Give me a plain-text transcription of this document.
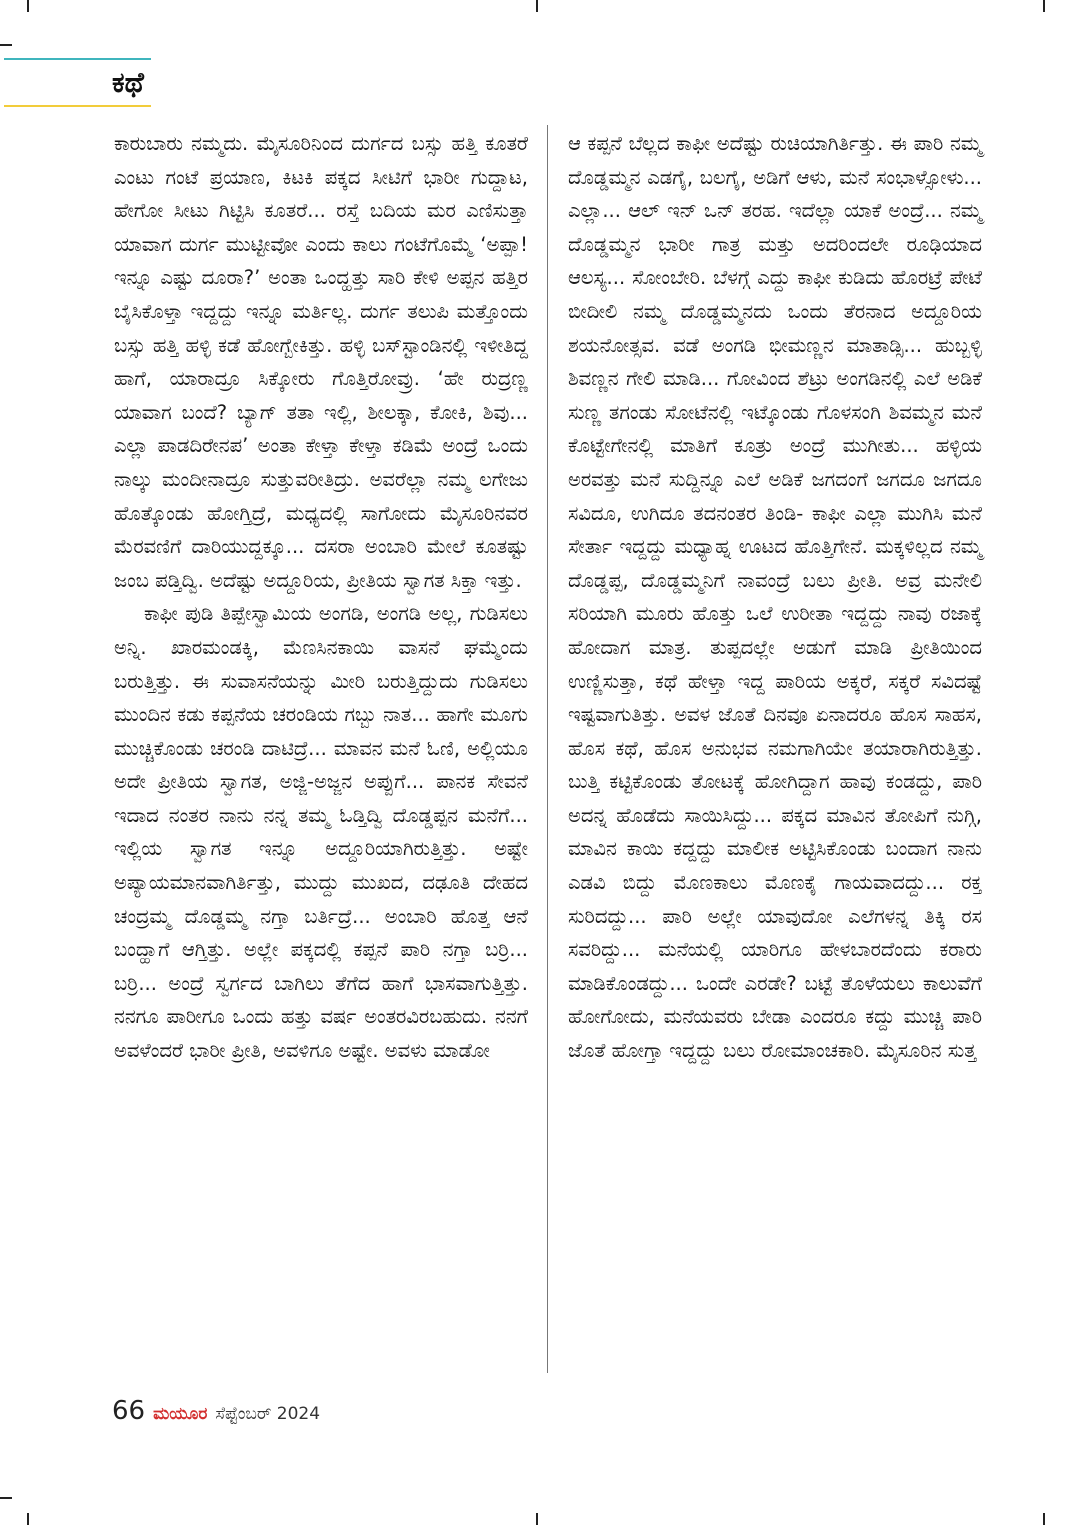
ಕಥೆ

ಕಾರುಬಾರು ನಮ್ಮದು. ಮೈಸೂರಿನಿಂದ ದುರ್ಗದ ಬಸ್ಸು ಹತ್ತಿ ಕೂತರೆ ಎಂಟು ಗಂಟೆ ಪ್ರಯಾಣ, ಕಿಟಕಿ ಪಕ್ಕದ ಸೀಟಿಗೆ ಭಾರೀ ಗುದ್ದಾಟ, ಹೇಗೋ ಸೀಟು ಗಿಟ್ಟಿಸಿ ಕೂತರೆ... ರಸ್ತೆ ಬದಿಯ ಮರ ಎಣಿಸುತ್ತಾ ಯಾವಾಗ ದುರ್ಗ ಮುಟ್ಟೀವೋ ಎಂದು ಕಾಲು ಗಂಟೆಗೊಮ್ಮೆ ‘ಅಪ್ಪಾ! ಇನ್ನೂ ಎಷ್ಟು ದೂರಾ?’ ಅಂತಾ ಒಂದ್ಹತ್ತು ಸಾರಿ ಕೇಳಿ ಅಪ್ಪನ ಹತ್ತಿರ ಬೈಸಿಕೊಳ್ತಾ ಇದ್ದದ್ದು ಇನ್ನೂ ಮರ್ತಿಲ್ಲ. ದುರ್ಗ ತಲುಪಿ ಮತ್ತೊಂದು ಬಸ್ಸು ಹತ್ತಿ ಹಳ್ಳಿ ಕಡೆ ಹೋಗ್ಬೇಕಿತ್ತು. ಹಳ್ಳಿ ಬಸ್‌ಸ್ಟಾಂಡಿನಲ್ಲಿ ಇಳೀತಿದ್ದ ಹಾಗೆ, ಯಾರಾದ್ರೂ ಸಿಕ್ಕೋರು ಗೊತ್ತಿರೋವ್ರು. ‘ಹೇ ರುದ್ರಣ್ಣ ಯಾವಾಗ ಬಂದೆ? ಬ್ಯಾಗ್ ತತಾ ಇಲ್ಲಿ, ಶೀಲಕ್ಕಾ, ಕೋಕಿ, ಶಿವು... ಎಲ್ಲಾ ಪಾಡದಿರೇನಪ’ ಅಂತಾ ಕೇಳ್ತಾ ಕೇಳ್ತಾ ಕಡಿಮೆ ಅಂದ್ರೆ ಒಂದು ನಾಲ್ಕು ಮಂದೀನಾದ್ರೂ ಸುತ್ತುವರೀತಿದ್ರು. ಅವರೆಲ್ಲಾ ನಮ್ಮ ಲಗೇಜು ಹೊತ್ಕೊಂಡು ಹೋಗ್ತಿದ್ರೆ, ಮಧ್ಯದಲ್ಲಿ ಸಾಗೋದು ಮೈಸೂರಿನವರ ಮೆರವಣಿಗೆ ದಾರಿಯುದ್ದಕ್ಕೂ... ದಸರಾ ಅಂಬಾರಿ ಮೇಲೆ ಕೂತಷ್ಟು ಜಂಬ ಪಡ್ತಿದ್ವಿ. ಅದೆಷ್ಟು ಅದ್ದೂರಿಯ, ಪ್ರೀತಿಯ ಸ್ವಾಗತ ಸಿಕ್ತಾ ಇತ್ತು.

ಕಾಫೀ ಪುಡಿ ತಿಪ್ಪೇಸ್ವಾಮಿಯ ಅಂಗಡಿ, ಅಂಗಡಿ ಅಲ್ಲ, ಗುಡಿಸಲು ಅನ್ನಿ. ಖಾರಮಂಡಕ್ಕಿ, ಮೆಣಸಿನಕಾಯಿ ವಾಸನೆ ಘಮ್ಮೆಂದು ಬರುತ್ತಿತ್ತು. ಈ ಸುವಾಸನೆಯನ್ನು ಮೀರಿ ಬರುತ್ತಿದ್ದುದು ಗುಡಿಸಲು ಮುಂದಿನ ಕಡು ಕಪ್ಪನೆಯ ಚರಂಡಿಯ ಗಬ್ಬು ನಾತ... ಹಾಗೇ ಮೂಗು ಮುಚ್ಚಿಕೊಂಡು ಚರಂಡಿ ದಾಟಿದ್ರೆ... ಮಾವನ ಮನೆ ಓಣಿ, ಅಲ್ಲಿಯೂ ಅದೇ ಪ್ರೀತಿಯ ಸ್ವಾಗತ, ಅಜ್ಜಿ-ಅಜ್ಜನ ಅಪ್ಪುಗೆ... ಪಾನಕ ಸೇವನೆ ಇದಾದ ನಂತರ ನಾನು ನನ್ನ ತಮ್ಮ ಓಡ್ತಿದ್ವಿ ದೊಡ್ಡಪ್ಪನ ಮನೆಗೆ... ಇಲ್ಲಿಯ ಸ್ವಾಗತ ಇನ್ನೂ ಅದ್ದೂರಿಯಾಗಿರುತ್ತಿತ್ತು. ಅಷ್ಟೇ ಅಪ್ಯಾಯಮಾನವಾಗಿರ್ತಿತ್ತು, ಮುದ್ದು ಮುಖದ, ದಢೂತಿ ದೇಹದ ಚಂದ್ರಮ್ಮ ದೊಡ್ಡಮ್ಮ ನಗ್ತಾ ಬರ್ತಿದ್ರೆ... ಅಂಬಾರಿ ಹೊತ್ತ ಆನೆ ಬಂದ್ಹಾಗೆ ಆಗ್ತಿತ್ತು. ಅಲ್ಲೇ ಪಕ್ಕದಲ್ಲಿ ಕಪ್ಪನೆ ಪಾರಿ ನಗ್ತಾ ಬರ್ರಿ... ಬರ್ರಿ... ಅಂದ್ರೆ ಸ್ವರ್ಗದ ಬಾಗಿಲು ತೆಗೆದ ಹಾಗೆ ಭಾಸವಾಗುತ್ತಿತ್ತು. ನನಗೂ ಪಾರೀಗೂ ಒಂದು ಹತ್ತು ವರ್ಷ ಅಂತರವಿರಬಹುದು. ನನಗೆ ಅವಳೆಂದರೆ ಭಾರೀ ಪ್ರೀತಿ, ಅವಳಿಗೂ ಅಷ್ಟೇ. ಅವಳು ಮಾಡೋ

ಆ ಕಪ್ಪನೆ ಬೆಲ್ಲದ ಕಾಫೀ ಅದೆಷ್ಟು ರುಚಿಯಾಗಿರ್ತಿತ್ತು. ಈ ಪಾರಿ ನಮ್ಮ ದೊಡ್ಡಮ್ಮನ ಎಡಗೈ, ಬಲಗೈ, ಅಡಿಗೆ ಆಳು, ಮನೆ ಸಂಭಾಳ್ಸೋಳು... ಎಲ್ಲಾ... ಆಲ್ ಇನ್ ಒನ್ ತರಹ. ಇದೆಲ್ಲಾ ಯಾಕೆ ಅಂದ್ರೆ... ನಮ್ಮ ದೊಡ್ಡಮ್ಮನ ಭಾರೀ ಗಾತ್ರ ಮತ್ತು ಅದರಿಂದಲೇ ರೂಢಿಯಾದ ಆಲಸ್ಯ... ಸೋಂಬೇರಿ. ಬೆಳಗ್ಗೆ ಎದ್ದು ಕಾಫೀ ಕುಡಿದು ಹೊರಟ್ರೆ ಪೇಟೆ ಬೀದೀಲಿ ನಮ್ಮ ದೊಡ್ಡಮ್ಮನದು ಒಂದು ತೆರನಾದ ಅದ್ದೂರಿಯ ಶಯನೋತ್ಸವ. ವಡೆ ಅಂಗಡಿ ಭೀಮಣ್ಣನ ಮಾತಾಡ್ಸಿ... ಹುಬ್ಬಳ್ಳಿ ಶಿವಣ್ಣನ ಗೇಲಿ ಮಾಡಿ... ಗೋವಿಂದ ಶೆಟ್ರು ಅಂಗಡಿನಲ್ಲಿ ಎಲೆ ಅಡಿಕೆ ಸುಣ್ಣ ತಗಂಡು ಸೋಟೆನಲ್ಲಿ ಇಟ್ಕೊಂಡು ಗೊಳಸಂಗಿ ಶಿವಮ್ಮನ ಮನೆ ಕೊಟ್ಟೇಗೇನಲ್ಲಿ ಮಾತಿಗೆ ಕೂತ್ರು ಅಂದ್ರೆ ಮುಗೀತು... ಹಳ್ಳಿಯ ಅರವತ್ತು ಮನೆ ಸುದ್ದಿನ್ನೂ ಎಲೆ ಅಡಿಕೆ ಜಗದಂಗೆ ಜಗದೂ ಜಗದೂ ಸವಿದೂ, ಉಗಿದೂ ತದನಂತರ ತಿಂಡಿ- ಕಾಫೀ ಎಲ್ಲಾ ಮುಗಿಸಿ ಮನೆ ಸೇರ್ತಾ ಇದ್ದದ್ದು ಮಧ್ಯಾಹ್ನ ಊಟದ ಹೊತ್ತಿಗೇನೆ. ಮಕ್ಕಳಿಲ್ಲದ ನಮ್ಮ ದೊಡ್ಡಪ್ಪ, ದೊಡ್ಡಮ್ಮನಿಗೆ ನಾವಂದ್ರೆ ಬಲು ಪ್ರೀತಿ. ಅವ್ರ ಮನೇಲಿ ಸರಿಯಾಗಿ ಮೂರು ಹೊತ್ತು ಒಲೆ ಉರೀತಾ ಇದ್ದದ್ದು ನಾವು ರಜಾಕ್ಕೆ ಹೋದಾಗ ಮಾತ್ರ. ತುಪ್ಪದಲ್ಲೇ ಅಡುಗೆ ಮಾಡಿ ಪ್ರೀತಿಯಿಂದ ಉಣ್ಣಿಸುತ್ತಾ, ಕಥೆ ಹೇಳ್ತಾ ಇದ್ದ ಪಾರಿಯ ಅಕ್ಕರೆ, ಸಕ್ಕರೆ ಸವಿದಷ್ಟೆ ಇಷ್ಟವಾಗುತಿತ್ತು. ಅವಳ ಜೊತೆ ದಿನವೂ ಏನಾದರೂ ಹೊಸ ಸಾಹಸ, ಹೊಸ ಕಥೆ, ಹೊಸ ಅನುಭವ ನಮಗಾಗಿಯೇ ತಯಾರಾಗಿರುತ್ತಿತ್ತು. ಬುತ್ತಿ ಕಟ್ಟಿಕೊಂಡು ತೋಟಕ್ಕೆ ಹೋಗಿದ್ದಾಗ ಹಾವು ಕಂಡದ್ದು, ಪಾರಿ ಅದನ್ನ ಹೊಡೆದು ಸಾಯಿಸಿದ್ದು... ಪಕ್ಕದ ಮಾವಿನ ತೋಪಿಗೆ ನುಗ್ಗಿ, ಮಾವಿನ ಕಾಯಿ ಕದ್ದದ್ದು ಮಾಲೀಕ ಅಟ್ಟಿಸಿಕೊಂಡು ಬಂದಾಗ ನಾನು ಎಡವಿ ಬಿದ್ದು ಮೊಣಕಾಲು ಮೊಣಕೈ ಗಾಯವಾದದ್ದು... ರಕ್ತ ಸುರಿದದ್ದು... ಪಾರಿ ಅಲ್ಲೇ ಯಾವುದೋ ಎಲೆಗಳನ್ನ ತಿಕ್ಕಿ ರಸ ಸವರಿದ್ದು... ಮನೆಯಲ್ಲಿ ಯಾರಿಗೂ ಹೇಳಬಾರದೆಂದು ಕರಾರು ಮಾಡಿಕೊಂಡದ್ದು... ಒಂದೇ ಎರಡೇ? ಬಟ್ಟೆ ತೊಳೆಯಲು ಕಾಲುವೆಗೆ ಹೋಗೋದು, ಮನೆಯವರು ಬೇಡಾ ಎಂದರೂ ಕದ್ದು ಮುಚ್ಚಿ ಪಾರಿ ಜೊತೆ ಹೋಗ್ತಾ ಇದ್ದದ್ದು ಬಲು ರೋಮಾಂಚಕಾರಿ. ಮೈಸೂರಿನ ಸುತ್ತ

66 ಮಯೂರ ಸೆಪ್ಟೆಂಬರ್ 2024
